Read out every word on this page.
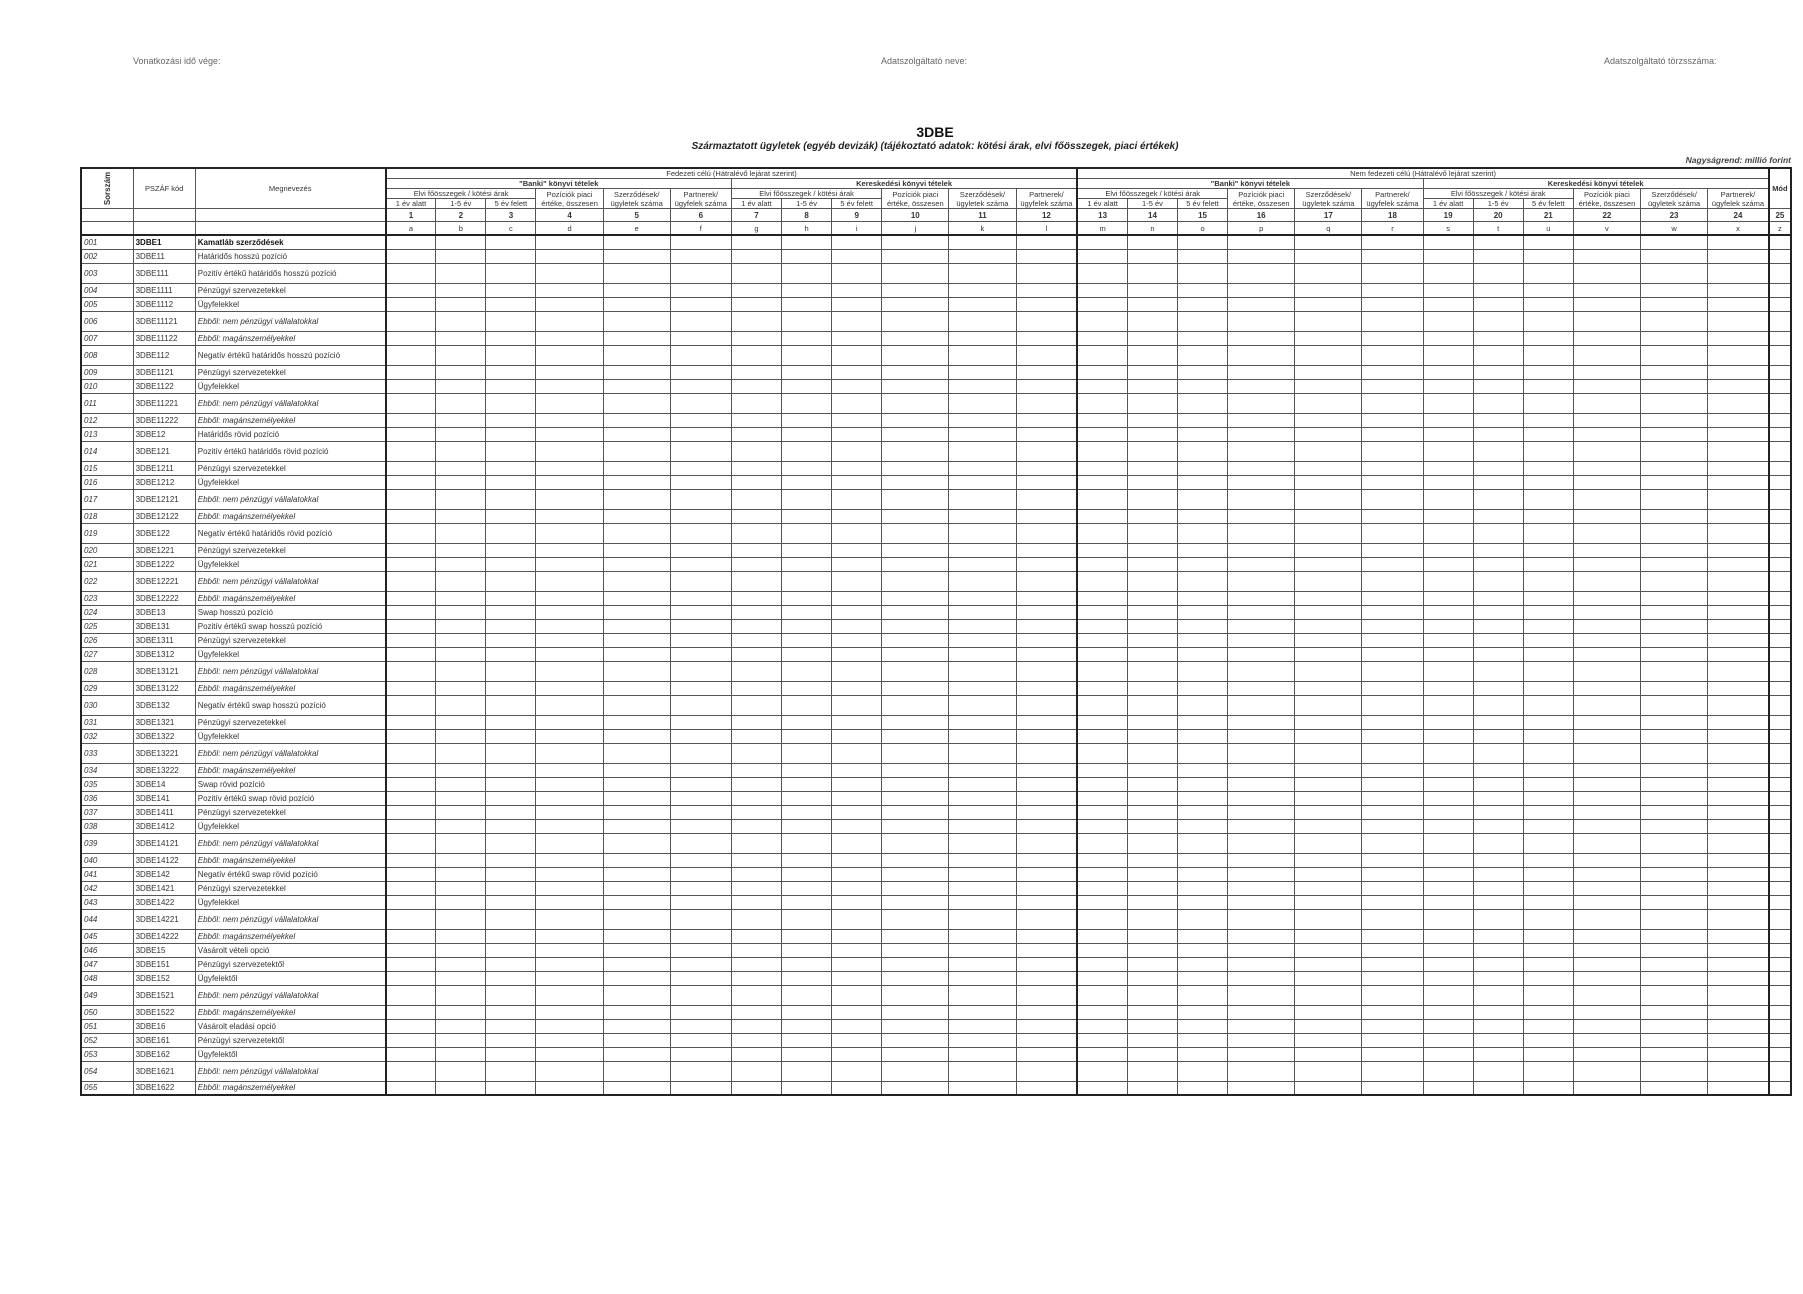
Vonatkozási idő vége:	Adatszolgáltató neve:	Adatszolgáltató törzsszáma:
3DBE
Származtatott ügyletek (egyéb devizák) (tájékoztató adatok: kötési árak, elvi főösszegek, piaci értékek)
Nagyságrend: millió forint
Sorszám	PSZÁF kód	Megnevezés	Fedezeti célú (Hátralévő lejárat szerint)												Nem fedezeti célú (Hátralévő lejárat szerint)												Mód
			"Banki" könyvi tételek						Kereskedési könyvi tételek						"Banki" könyvi tételek						Kereskedési könyvi tételek						
			Elvi főösszegek / kötési árak			Pozíciók piaci értéke, összesen	Szerződések/ ügyletek száma	Partnerek/ ügyfelek száma	Elvi főösszegek / kötési árak			Pozíciók piaci értéke, összesen	Szerződések/ ügyletek száma	Partnerek/ ügyfelek száma	Elvi főösszegek / kötési árak			Pozíciók piaci értéke, összesen	Szerződések/ ügyletek száma	Partnerek/ ügyfelek száma	Elvi főösszegek / kötési árak			Pozíciók piaci értéke, összesen	Szerződések/ ügyletek száma	Partnerek/ ügyfelek száma	
			1 év alatt	1-5 év	5 év felett				1 év alatt	1-5 év	5 év felett				1 év alatt	1-5 év	5 év felett				1 év alatt	1-5 év	5 év felett				
			1	2	3	4	5	6	7	8	9	10	11	12	13	14	15	16	17	18	19	20	21	22	23	24	25
			a	b	c	d	e	f	g	h	i	j	k	l	m	n	o	p	q	r	s	t	u	v	w	x	z
001	3DBE1	Kamatláb szerződések																									
002	3DBE11	Határidős hosszú pozíció																									
003	3DBE111	Pozitív értékű határidős hosszú pozíció																									
004	3DBE1111	Pénzügyi szervezetekkel																									
005	3DBE1112	Ügyfelekkel																									
006	3DBE11121	Ebből: nem pénzügyi vállalatokkal																									
007	3DBE11122	Ebből: magánszemélyekkel																									
008	3DBE112	Negatív értékű határidős hosszú pozíció																									
009	3DBE1121	Pénzügyi szervezetekkel																									
010	3DBE1122	Ügyfelekkel																									
011	3DBE11221	Ebből: nem pénzügyi vállalatokkal																									
012	3DBE11222	Ebből: magánszemélyekkel																									
013	3DBE12	Határidős rövid pozíció																									
014	3DBE121	Pozitív értékű határidős rövid pozíció																									
015	3DBE1211	Pénzügyi szervezetekkel																									
016	3DBE1212	Ügyfelekkel																									
017	3DBE12121	Ebből: nem pénzügyi vállalatokkal																									
018	3DBE12122	Ebből: magánszemélyekkel																									
019	3DBE122	Negatív értékű határidős rövid pozíció																									
020	3DBE1221	Pénzügyi szervezetekkel																									
021	3DBE1222	Ügyfelekkel																									
022	3DBE12221	Ebből: nem pénzügyi vállalatokkal																									
023	3DBE12222	Ebből: magánszemélyekkel																									
024	3DBE13	Swap hosszú pozíció																									
025	3DBE131	Pozitív értékű swap hosszú pozíció																									
026	3DBE1311	Pénzügyi szervezetekkel																									
027	3DBE1312	Ügyfelekkel																									
028	3DBE13121	Ebből: nem pénzügyi vállalatokkal																									
029	3DBE13122	Ebből: magánszemélyekkel																									
030	3DBE132	Negatív értékű swap hosszú pozíció																									
031	3DBE1321	Pénzügyi szervezetekkel																									
032	3DBE1322	Ügyfelekkel																									
033	3DBE13221	Ebből: nem pénzügyi vállalatokkal																									
034	3DBE13222	Ebből: magánszemélyekkel																									
035	3DBE14	Swap rövid pozíció																									
036	3DBE141	Pozitív értékű swap rövid pozíció																									
037	3DBE1411	Pénzügyi szervezetekkel																									
038	3DBE1412	Ügyfelekkel																									
039	3DBE14121	Ebből: nem pénzügyi vállalatokkal																									
040	3DBE14122	Ebből: magánszemélyekkel																									
041	3DBE142	Negatív értékű swap rövid pozíció																									
042	3DBE1421	Pénzügyi szervezetekkel																									
043	3DBE1422	Ügyfelekkel																									
044	3DBE14221	Ebből: nem pénzügyi vállalatokkal																									
045	3DBE14222	Ebből: magánszemélyekkel																									
046	3DBE15	Vásárolt vételi opció																									
047	3DBE151	Pénzügyi szervezetektől																									
048	3DBE152	Ügyfelektől																									
049	3DBE1521	Ebből: nem pénzügyi vállalatokkal																									
050	3DBE1522	Ebből: magánszemélyekkel																									
051	3DBE16	Vásárolt eladási opció																									
052	3DBE161	Pénzügyi szervezetektől																									
053	3DBE162	Ügyfelektől																									
054	3DBE1621	Ebből: nem pénzügyi vállalatokkal																									
055	3DBE1622	Ebből: magánszemélyekkel																									
